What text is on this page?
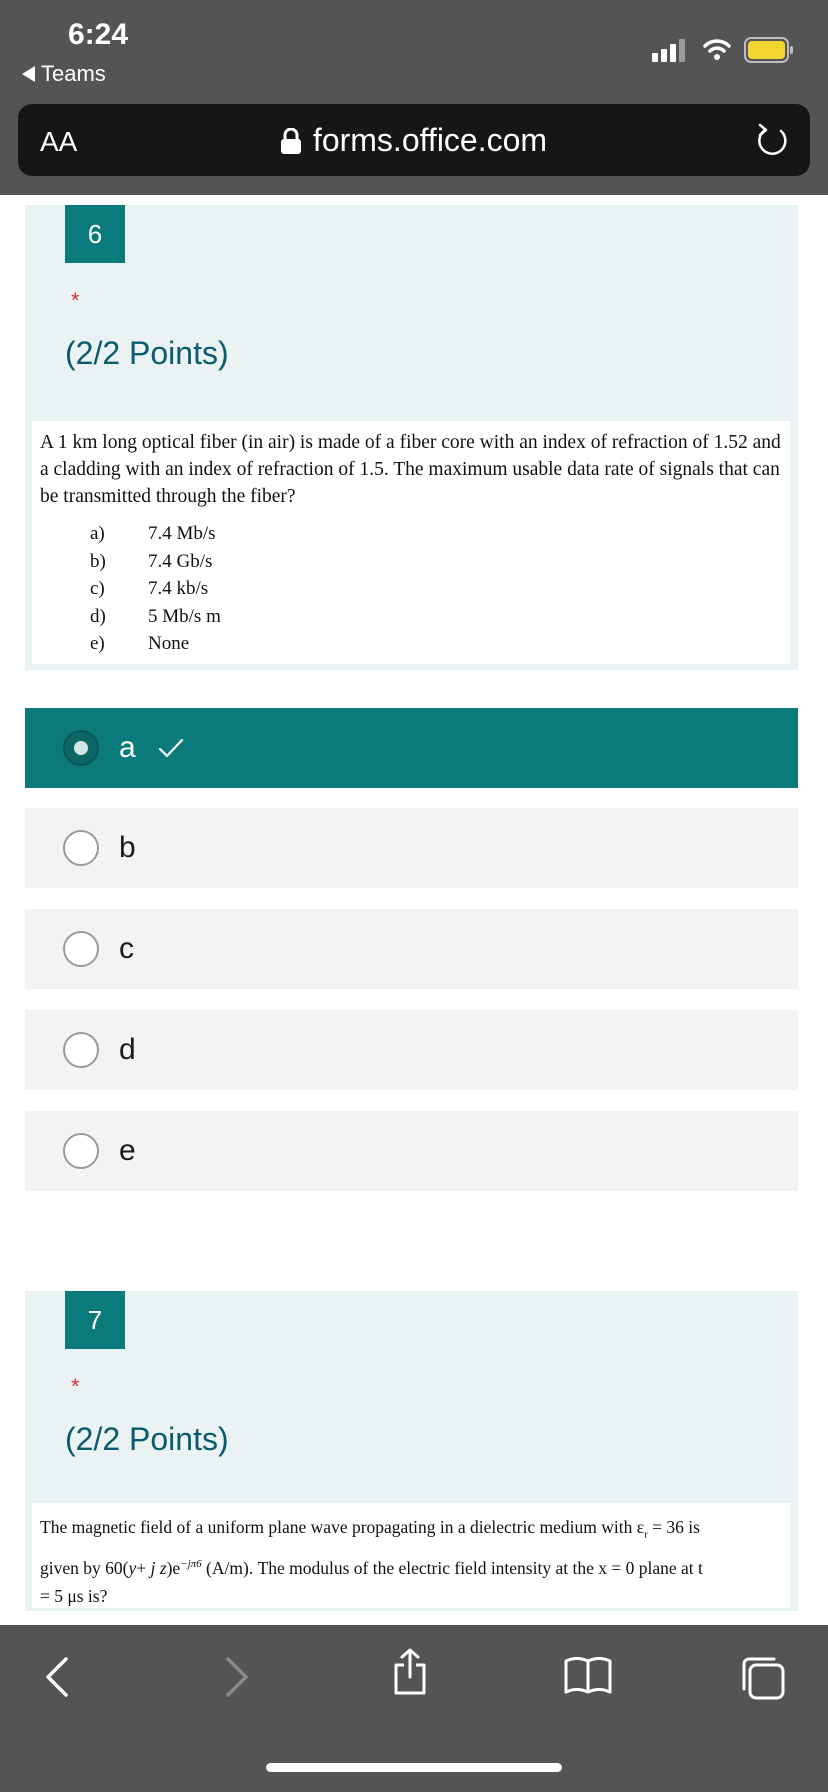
6:24
Teams
AA	forms.office.com
6
*
(2/2 Points)
A 1 km long optical fiber (in air) is made of a fiber core with an index of refraction of 1.52 and a cladding with an index of refraction of 1.5. The maximum usable data rate of signals that can be transmitted through the fiber?
a)	7.4 Mb/s
b)	7.4 Gb/s
c)	7.4 kb/s
d)	5 Mb/s m
e)	None
a
b
c
d
e
7
*
(2/2 Points)
The magnetic field of a uniform plane wave propagating in a dielectric medium with $\varepsilon_r = 36$ is
given by 60(y+ j $z)e^{-j\pi 6}$ (A/m). The modulus of the electric field intensity at the x = 0 plane at t
= 5 μs is?
